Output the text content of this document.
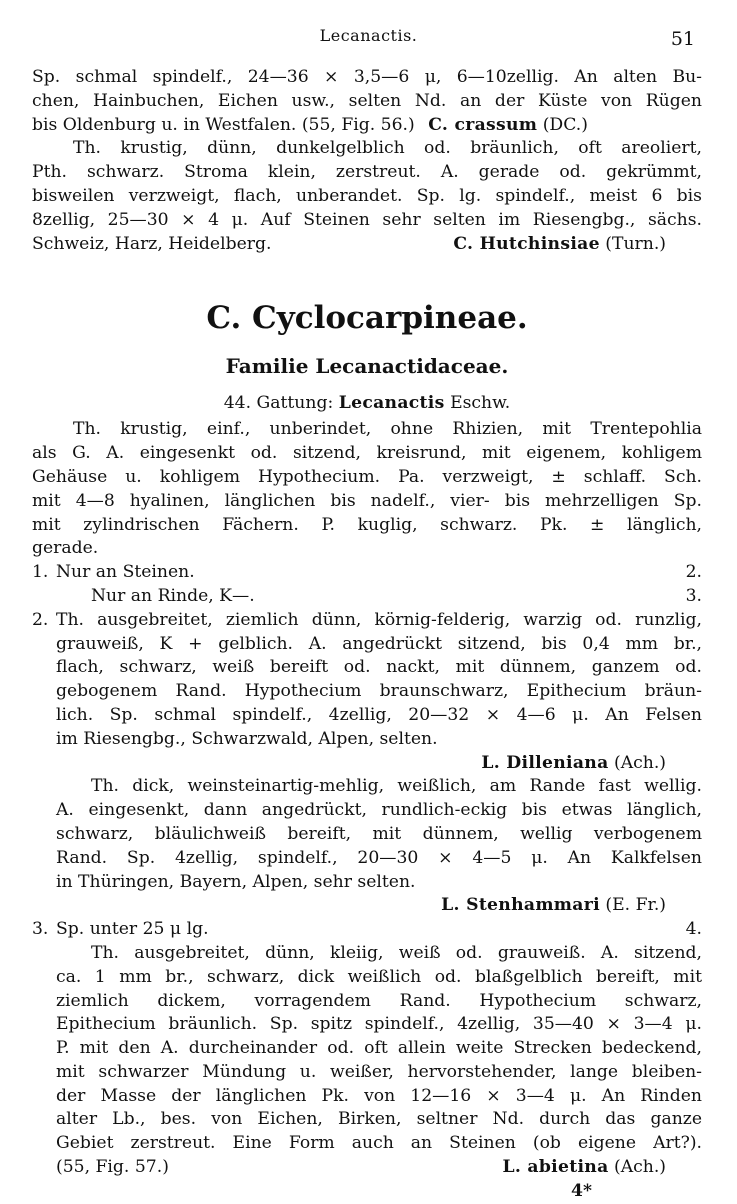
Lecanactis.	51
Sp. schmal spindelf., 24—36 × 3,5—6 μ, 6—10zellig. An alten Bu-
chen, Hainbuchen, Eichen usw., selten Nd. an der Küste von Rügen
bis Oldenburg u. in Westfalen. (55, Fig. 56.) C. crassum (DC.)
Th. krustig, dünn, dunkelgelblich od. bräunlich, oft areoliert,
Pth. schwarz. Stroma klein, zerstreut. A. gerade od. gekrümmt,
bisweilen verzweigt, flach, unberandet. Sp. lg. spindelf., meist 6 bis
8zellig, 25—30 × 4 μ. Auf Steinen sehr selten im Riesengbg., sächs.
Schweiz, Harz, Heidelberg.	C. Hutchinsiae (Turn.)
C. Cyclocarpineae.
Familie Lecanactidaceae.
44. Gattung: Lecanactis Eschw.
Th. krustig, einf., unberindet, ohne Rhizien, mit Trentepohlia
als G. A. eingesenkt od. sitzend, kreisrund, mit eigenem, kohligem
Gehäuse u. kohligem Hypothecium. Pa. verzweigt, ± schlaff. Sch.
mit 4—8 hyalinen, länglichen bis nadelf., vier- bis mehrzelligen Sp.
mit zylindrischen Fächern. P. kuglig, schwarz. Pk. ± länglich,
gerade.
1. Nur an Steinen.	2.
Nur an Rinde, K—.	3.
2. Th. ausgebreitet, ziemlich dünn, körnig-felderig, warzig od. runzlig,
grauweiß, K + gelblich. A. angedrückt sitzend, bis 0,4 mm br.,
flach, schwarz, weiß bereift od. nackt, mit dünnem, ganzem od.
gebogenem Rand. Hypothecium braunschwarz, Epithecium bräun-
lich. Sp. schmal spindelf., 4zellig, 20—32 × 4—6 μ. An Felsen
im Riesengbg., Schwarzwald, Alpen, selten.
L. Dilleniana (Ach.)
Th. dick, weinsteinartig-mehlig, weißlich, am Rande fast wellig.
A. eingesenkt, dann angedrückt, rundlich-eckig bis etwas länglich,
schwarz, bläulichweiß bereift, mit dünnem, wellig verbogenem
Rand. Sp. 4zellig, spindelf., 20—30 × 4—5 μ. An Kalkfelsen
in Thüringen, Bayern, Alpen, sehr selten.
L. Stenhammari (E. Fr.)
3. Sp. unter 25 μ lg.	4.
Th. ausgebreitet, dünn, kleiig, weiß od. grauweiß. A. sitzend,
ca. 1 mm br., schwarz, dick weißlich od. blaßgelblich bereift, mit
ziemlich dickem, vorragendem Rand. Hypothecium schwarz,
Epithecium bräunlich. Sp. spitz spindelf., 4zellig, 35—40 × 3—4 μ.
P. mit den A. durcheinander od. oft allein weite Strecken bedeckend,
mit schwarzer Mündung u. weißer, hervorstehender, lange bleiben-
der Masse der länglichen Pk. von 12—16 × 3—4 μ. An Rinden
alter Lb., bes. von Eichen, Birken, seltner Nd. durch das ganze
Gebiet zerstreut. Eine Form auch an Steinen (ob eigene Art?).
(55, Fig. 57.)	L. abietina (Ach.)
4*
